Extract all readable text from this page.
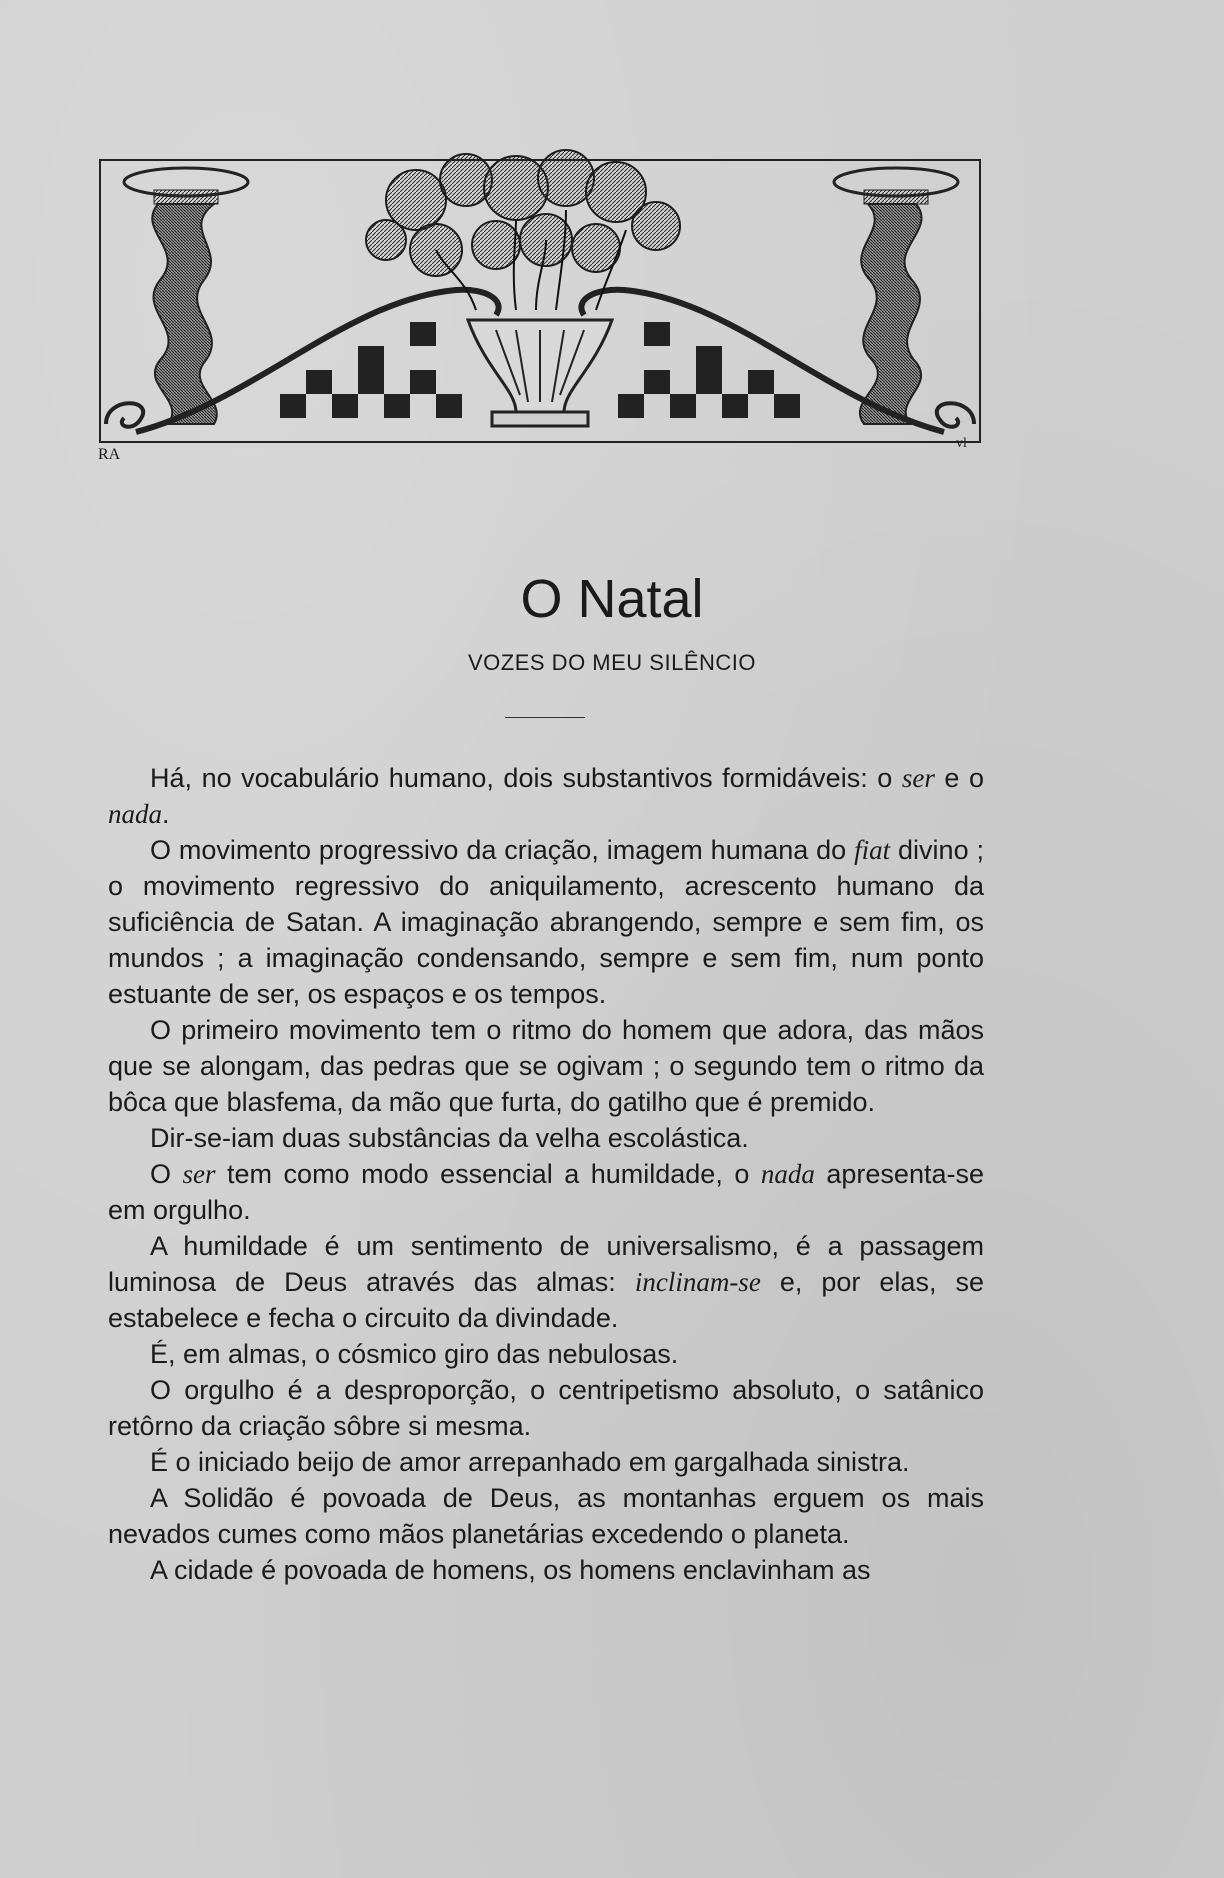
RA
vl
O Natal
VOZES DO MEU SILÊNCIO

Há, no vocabulário humano, dois substantivos formidáveis: o ser e o nada.

O movimento progressivo da criação, imagem humana do fiat divino ; o movimento regressivo do aniquilamento, acrescento humano da suficiência de Satan. A imaginação abrangendo, sempre e sem fim, os mundos ; a imaginação condensando, sempre e sem fim, num ponto estuante de ser, os espaços e os tempos.

O primeiro movimento tem o ritmo do homem que adora, das mãos que se alongam, das pedras que se ogivam ; o segundo tem o ritmo da bôca que blasfema, da mão que furta, do gatilho que é premido.

Dir-se-iam duas substâncias da velha escolástica.

O ser tem como modo essencial a humildade, o nada apresenta-se em orgulho.

A humildade é um sentimento de universalismo, é a passagem luminosa de Deus através das almas: inclinam-se e, por elas, se estabelece e fecha o circuito da divindade.

É, em almas, o cósmico giro das nebulosas.

O orgulho é a desproporção, o centripetismo absoluto, o satânico retôrno da criação sôbre si mesma.

É o iniciado beijo de amor arrepanhado em gargalhada sinistra.

A Solidão é povoada de Deus, as montanhas erguem os mais nevados cumes como mãos planetárias excedendo o planeta.

A cidade é povoada de homens, os homens enclavinham as
